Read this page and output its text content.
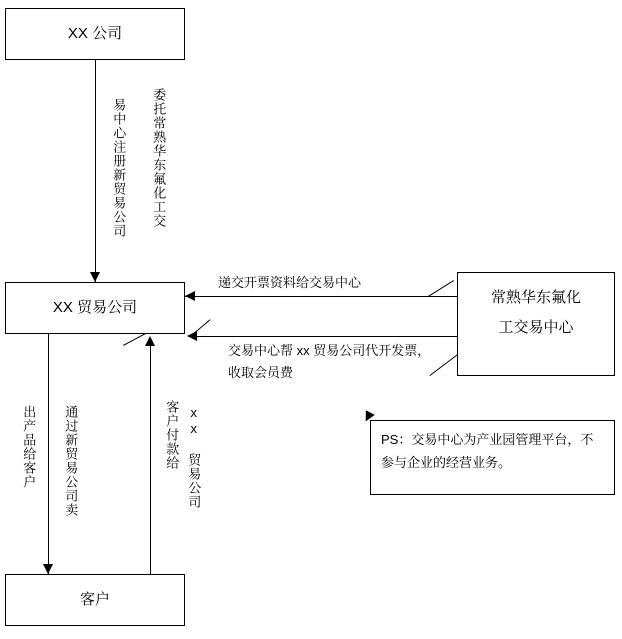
XX 公司
XX 贸易公司
常熟华东氟化
工交易中心
PS：交易中心为产业园管理平台，不参与企业的经营业务。
客户
委托常熟华东氟化工交
易中心注册新贸易公司
递交开票资料给交易中心
交易中心帮 xx 贸易公司代开发票，收取会员费
出产品给客户 通过新贸易公司卖	客户付款给 xx 贸易公司
